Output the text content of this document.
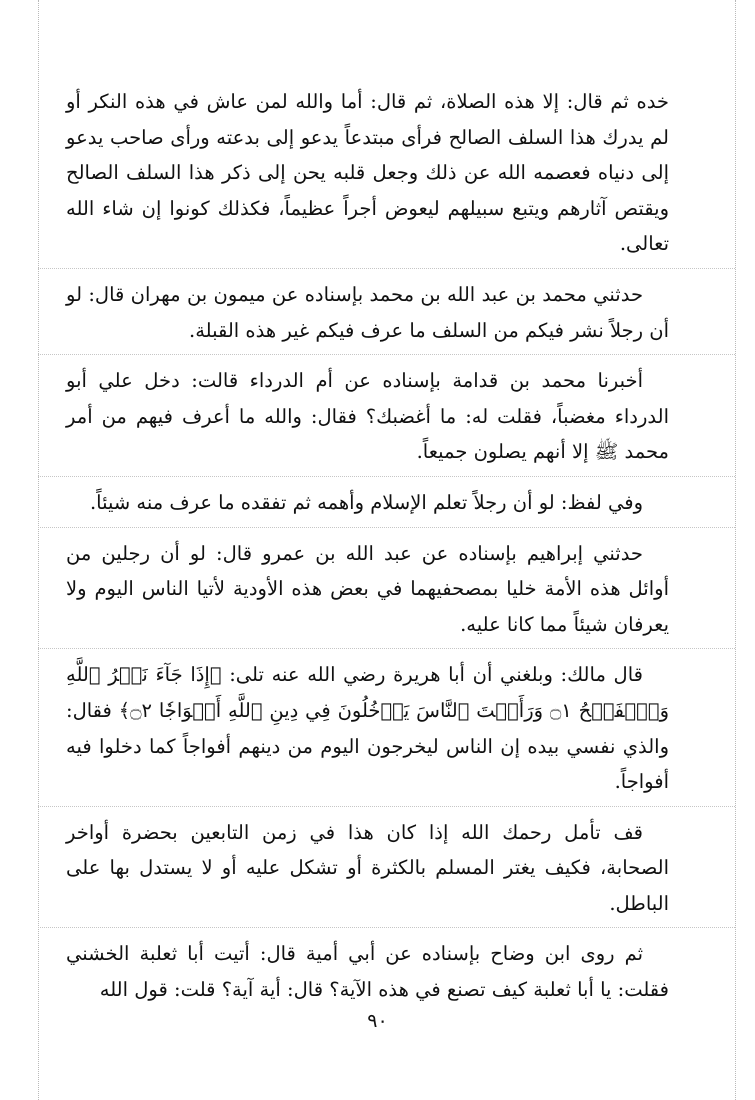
خده ثم قال: إلا هذه الصلاة، ثم قال: أما والله لمن عاش في هذه النكر أو لم يدرك هذا السلف الصالح فرأى مبتدعاً يدعو إلى بدعته ورأى صاحب يدعو إلى دنياه فعصمه الله عن ذلك وجعل قلبه يحن إلى ذكر هذا السلف الصالح ويقتص آثارهم ويتبع سبيلهم ليعوض أجراً عظيماً، فكذلك كونوا إن شاء الله تعالى.

حدثني محمد بن عبد الله بن محمد بإسناده عن ميمون بن مهران قال: لو أن رجلاً نشر فيكم من السلف ما عرف فيكم غير هذه القبلة.

أخبرنا محمد بن قدامة بإسناده عن أم الدرداء قالت: دخل علي أبو الدرداء مغضباً، فقلت له: ما أغضبك؟ فقال: والله ما أعرف فيهم من أمر محمد ﷺ إلا أنهم يصلون جميعاً.

وفي لفظ: لو أن رجلاً تعلم الإسلام وأهمه ثم تفقده ما عرف منه شيئاً.

حدثني إبراهيم بإسناده عن عبد الله بن عمرو قال: لو أن رجلين من أوائل هذه الأمة خليا بمصحفيهما في بعض هذه الأودية لأتيا الناس اليوم ولا يعرفان شيئاً مما كانا عليه.

قال مالك: وبلغني أن أبا هريرة رضي الله عنه تلى: ﴿إِذَا جَآءَ نَصۡرُ ٱللَّهِ وَٱلۡفَتۡحُ ۝١ وَرَأَيۡتَ ٱلنَّاسَ يَدۡخُلُونَ فِي دِينِ ٱللَّهِ أَفۡوَاجٗا ۝٢﴾ فقال: والذي نفسي بيده إن الناس ليخرجون اليوم من دينهم أفواجاً كما دخلوا فيه أفواجاً.

قف تأمل رحمك الله إذا كان هذا في زمن التابعين بحضرة أواخر الصحابة، فكيف يغتر المسلم بالكثرة أو تشكل عليه أو لا يستدل بها على الباطل.

ثم روى ابن وضاح بإسناده عن أبي أمية قال: أتيت أبا ثعلبة الخشني فقلت: يا أبا ثعلبة كيف تصنع في هذه الآية؟ قال: أية آية؟ قلت: قول الله

٩٠
